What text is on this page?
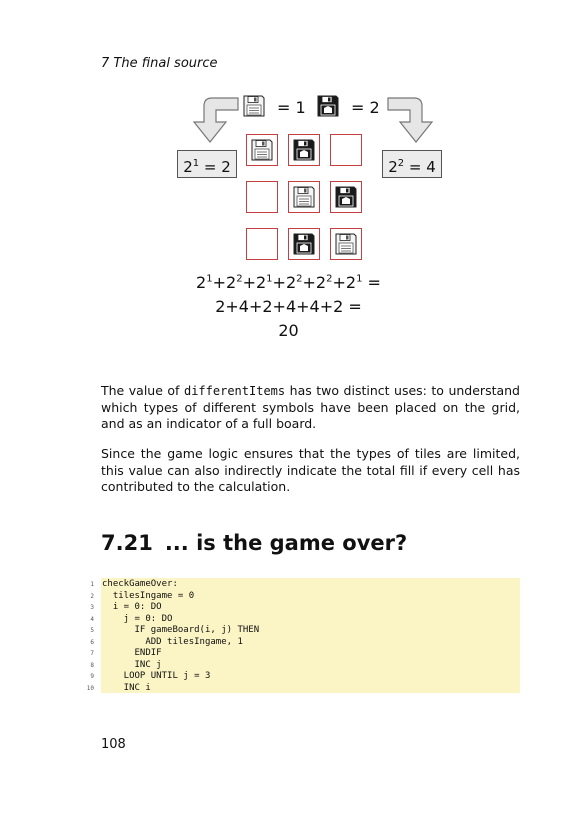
7 The final source
= 1	= 2
$2^1 = 2$	$2^2 = 4$
$2^1+2^2+2^1+2^2+2^2+2^1$ =
2+4+2+4+4+2 =
20
The value of differentItems has two distinct uses: to understand which types of different symbols have been placed on the grid, and as an indicator of a full board.
Since the game logic ensures that the types of tiles are limited, this value can also indirectly indicate the total fill if every cell has contributed to the calculation.
7.21 ... is the game over?
1 checkGameOver:
2 tilesIngame = 0
3 i = 0: DO
4 j = 0: DO
5 IF gameBoard(i, j) THEN
6 ADD tilesIngame, 1
7 ENDIF
8 INC j
9 LOOP UNTIL j = 3
10 INC i
108
